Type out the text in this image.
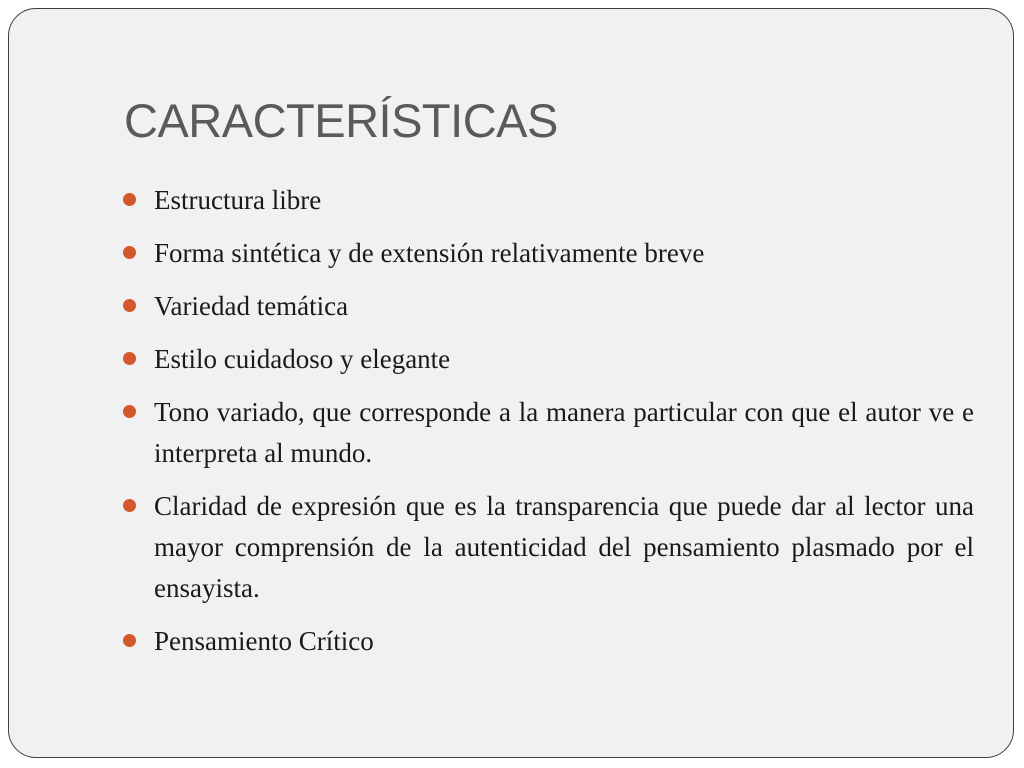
CARACTERÍSTICAS
Estructura libre
Forma sintética y de extensión relativamente breve
Variedad temática
Estilo cuidadoso y elegante
Tono variado, que corresponde a la manera particular con que el autor ve e interpreta al mundo.
Claridad de expresión que es la transparencia que puede dar al lector una mayor comprensión de la autenticidad del pensamiento plasmado por el ensayista.
Pensamiento Crítico
